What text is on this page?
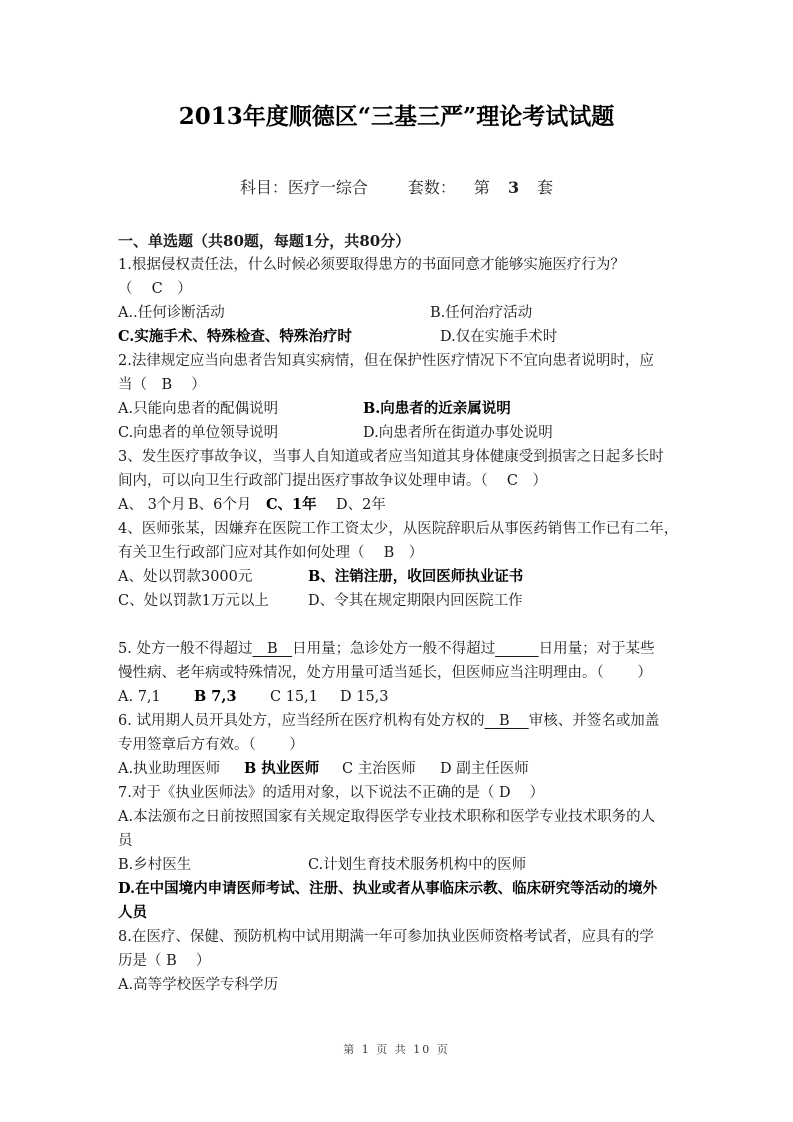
2013年度顺德区“三基三严”理论考试试题
科目：医疗一综合	套数： 第 3 套
一、单选题（共80题，每题1分，共80分）
1.根据侵权责任法，什么时候必须要取得患方的书面同意才能够实施医疗行为？
（　 C　）
A..任何诊断活动	B.任何治疗活动
C.实施手术、特殊检查、特殊治疗时	D.仅在实施手术时
2.法律规定应当向患者告知真实病情，但在保护性医疗情况下不宜向患者说明时，应
当（　B　 ）
A.只能向患者的配偶说明	B.向患者的近亲属说明
C.向患者的单位领导说明	D.向患者所在街道办事处说明
3、发生医疗事故争议，当事人自知道或者应当知道其身体健康受到损害之日起多长时
间内，可以向卫生行政部门提出医疗事故争议处理申请。（　 C　）
A、 3个月 B、6个月 C、1年 D、2年
4、医师张某，因嫌弃在医院工作工资太少，从医院辞职后从事医药销售工作已有二年，
有关卫生行政部门应对其作如何处理（　 B　）
A、处以罚款3000元	B、注销注册，收回医师执业证书
C、处以罚款1万元以上	D、令其在规定期限内回医院工作
5. 处方一般不得超过　B　日用量；急诊处方一般不得超过　　　	日用量；对于某些
慢性病、老年病或特殊情况，处方用量可适当延长，但医师应当注明理由。（　　 ）
A. 7,1 B 7,3 C 15,1 D 15,3
6. 试用期人员开具处方，应当经所在医疗机构有处方权的　B　 审核、并签名或加盖
专用签章后方有效。（　　 ）
A.执业助理医师 B 执业医师 C 主治医师 D 副主任医师
7.对于《执业医师法》的适用对象，以下说法不正确的是（ D　 ）
A.本法颁布之日前按照国家有关规定取得医学专业技术职称和医学专业技术职务的人
员
B.乡村医生	C.计划生育技术服务机构中的医师
D.在中国境内申请医师考试、注册、执业或者从事临床示教、临床研究等活动的境外
人员
8.在医疗、保健、预防机构中试用期满一年可参加执业医师资格考试者，应具有的学
历是（ B　 ）
A.高等学校医学专科学历
第 1 页 共 10 页
